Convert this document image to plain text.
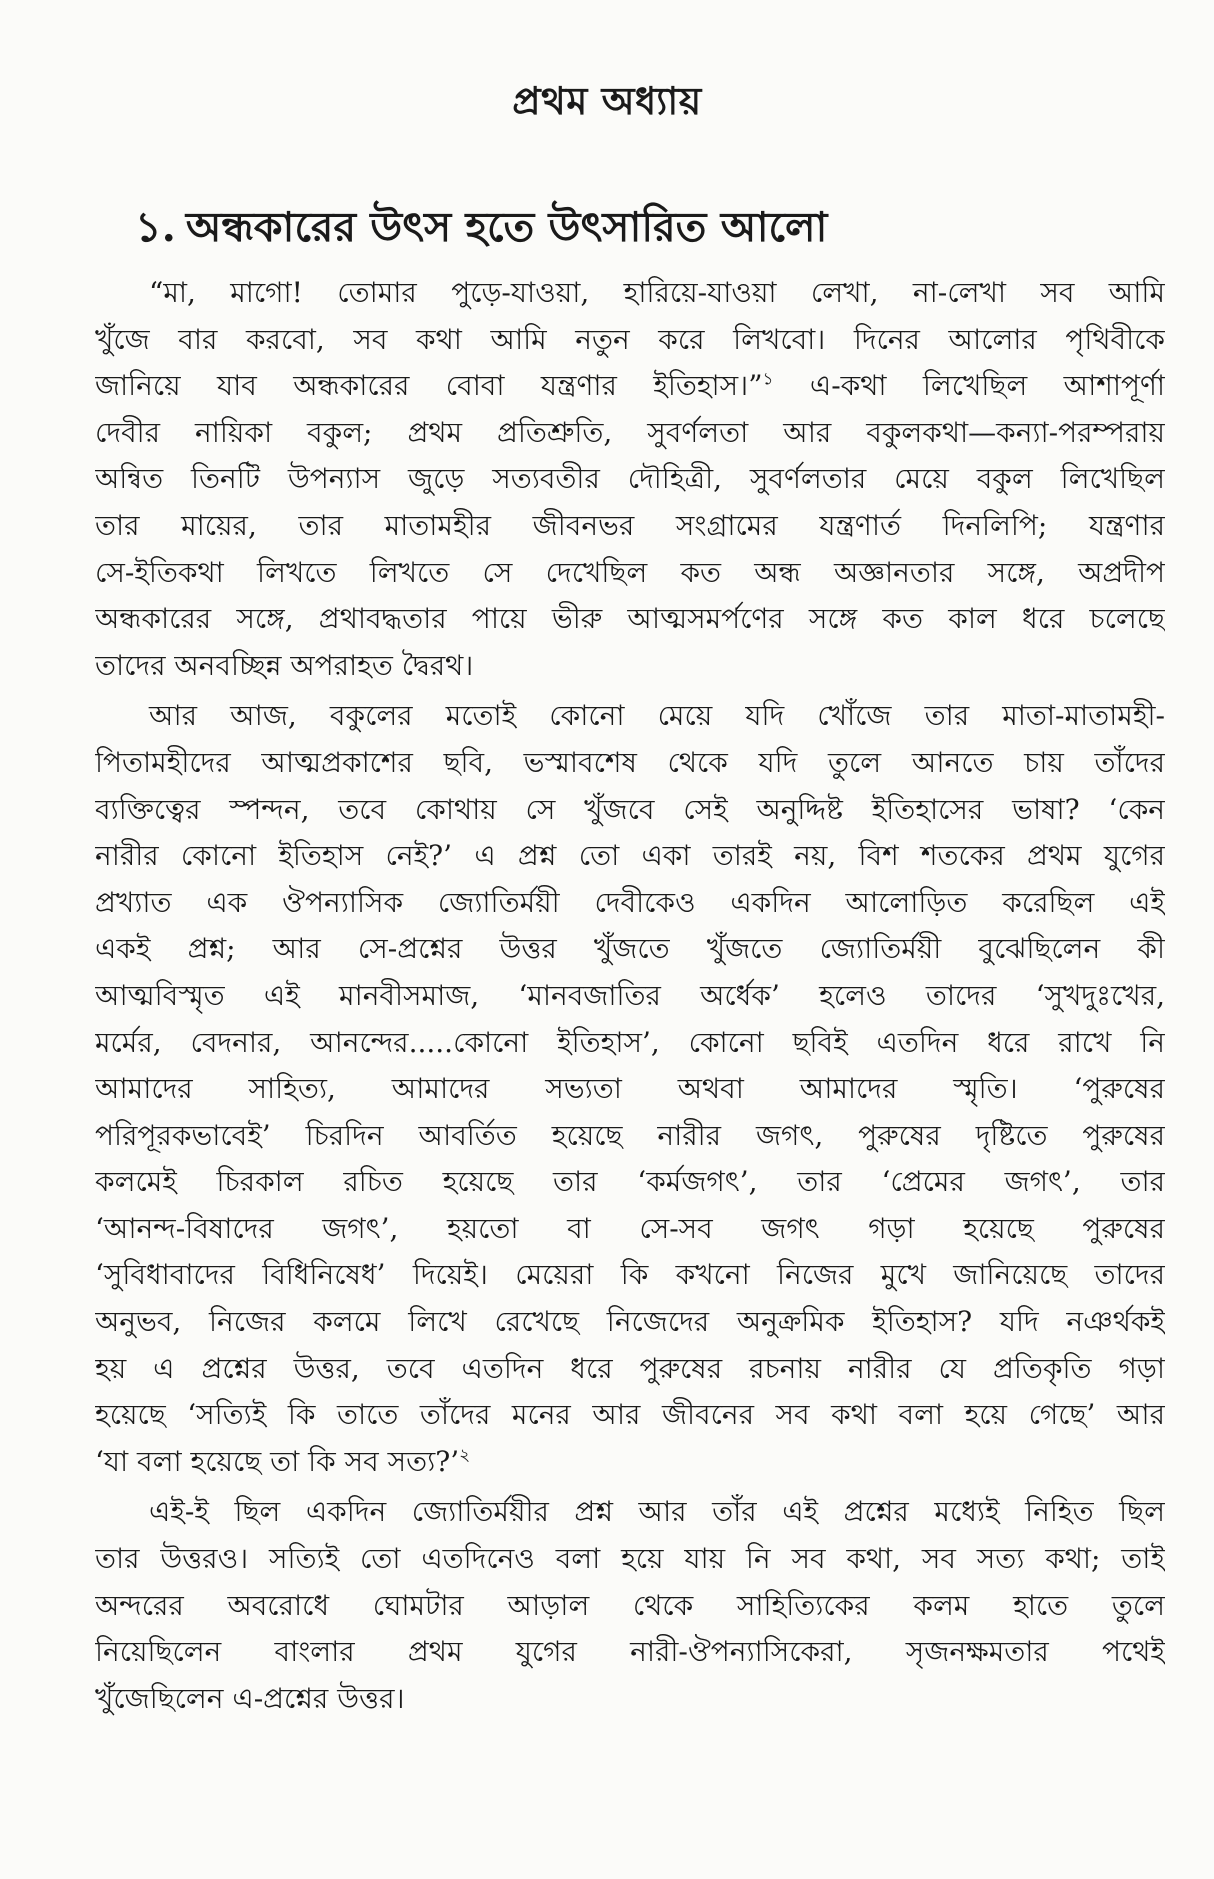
প্রথম অধ্যায়
১. অন্ধকারের উৎস হতে উৎসারিত আলো
“মা, মাগো! তোমার পুড়ে-যাওয়া, হারিয়ে-যাওয়া লেখা, না-লেখা সব আমি
খুঁজে বার করবো, সব কথা আমি নতুন করে লিখবো। দিনের আলোর পৃথিবীকে
জানিয়ে যাব অন্ধকারের বোবা যন্ত্রণার ইতিহাস।”$^১$ এ-কথা লিখেছিল আশাপূর্ণা
দেবীর নায়িকা বকুল; প্রথম প্রতিশ্রুতি, সুবর্ণলতা আর বকুলকথা—কন্যা-পরম্পরায়
অন্বিত তিনটি উপন্যাস জুড়ে সত্যবতীর দৌহিত্রী, সুবর্ণলতার মেয়ে বকুল লিখেছিল
তার মায়ের, তার মাতামহীর জীবনভর সংগ্রামের যন্ত্রণার্ত দিনলিপি; যন্ত্রণার
সে-ইতিকথা লিখতে লিখতে সে দেখেছিল কত অন্ধ অজ্ঞানতার সঙ্গে, অপ্রদীপ
অন্ধকারের সঙ্গে, প্রথাবদ্ধতার পায়ে ভীরু আত্মসমর্পণের সঙ্গে কত কাল ধরে চলেছে
তাদের অনবচ্ছিন্ন অপরাহত দ্বৈরথ।
আর আজ, বকুলের মতোই কোনো মেয়ে যদি খোঁজে তার মাতা-মাতামহী-
পিতামহীদের আত্মপ্রকাশের ছবি, ভস্মাবশেষ থেকে যদি তুলে আনতে চায় তাঁদের
ব্যক্তিত্বের স্পন্দন, তবে কোথায় সে খুঁজবে সেই অনুদ্দিষ্ট ইতিহাসের ভাষা? ‘কেন
নারীর কোনো ইতিহাস নেই?’ এ প্রশ্ন তো একা তারই নয়, বিশ শতকের প্রথম যুগের
প্রখ্যাত এক ঔপন্যাসিক জ্যোতির্ময়ী দেবীকেও একদিন আলোড়িত করেছিল এই
একই প্রশ্ন; আর সে-প্রশ্নের উত্তর খুঁজতে খুঁজতে জ্যোতির্ময়ী বুঝেছিলেন কী
আত্মবিস্মৃত এই মানবীসমাজ, ‘মানবজাতির অর্ধেক’ হলেও তাদের ‘সুখদুঃখের,
মর্মের, বেদনার, আনন্দের.....কোনো ইতিহাস’, কোনো ছবিই এতদিন ধরে রাখে নি
আমাদের সাহিত্য, আমাদের সভ্যতা অথবা আমাদের স্মৃতি। ‘পুরুষের
পরিপূরকভাবেই’ চিরদিন আবর্তিত হয়েছে নারীর জগৎ, পুরুষের দৃষ্টিতে পুরুষের
কলমেই চিরকাল রচিত হয়েছে তার ‘কর্মজগৎ’, তার ‘প্রেমের জগৎ’, তার
‘আনন্দ-বিষাদের জগৎ’, হয়তো বা সে-সব জগৎ গড়া হয়েছে পুরুষের
‘সুবিধাবাদের বিধিনিষেধ’ দিয়েই। মেয়েরা কি কখনো নিজের মুখে জানিয়েছে তাদের
অনুভব, নিজের কলমে লিখে রেখেছে নিজেদের অনুক্রমিক ইতিহাস? যদি নঞর্থকই
হয় এ প্রশ্নের উত্তর, তবে এতদিন ধরে পুরুষের রচনায় নারীর যে প্রতিকৃতি গড়া
হয়েছে ‘সত্যিই কি তাতে তাঁদের মনের আর জীবনের সব কথা বলা হয়ে গেছে’ আর
‘যা বলা হয়েছে তা কি সব সত্য?’$^২$
এই-ই ছিল একদিন জ্যোতির্ময়ীর প্রশ্ন আর তাঁর এই প্রশ্নের মধ্যেই নিহিত ছিল
তার উত্তরও। সত্যিই তো এতদিনেও বলা হয়ে যায় নি সব কথা, সব সত্য কথা; তাই
অন্দরের অবরোধে ঘোমটার আড়াল থেকে সাহিত্যিকের কলম হাতে তুলে
নিয়েছিলেন বাংলার প্রথম যুগের নারী-ঔপন্যাসিকেরা, সৃজনক্ষমতার পথেই
খুঁজেছিলেন এ-প্রশ্নের উত্তর।
